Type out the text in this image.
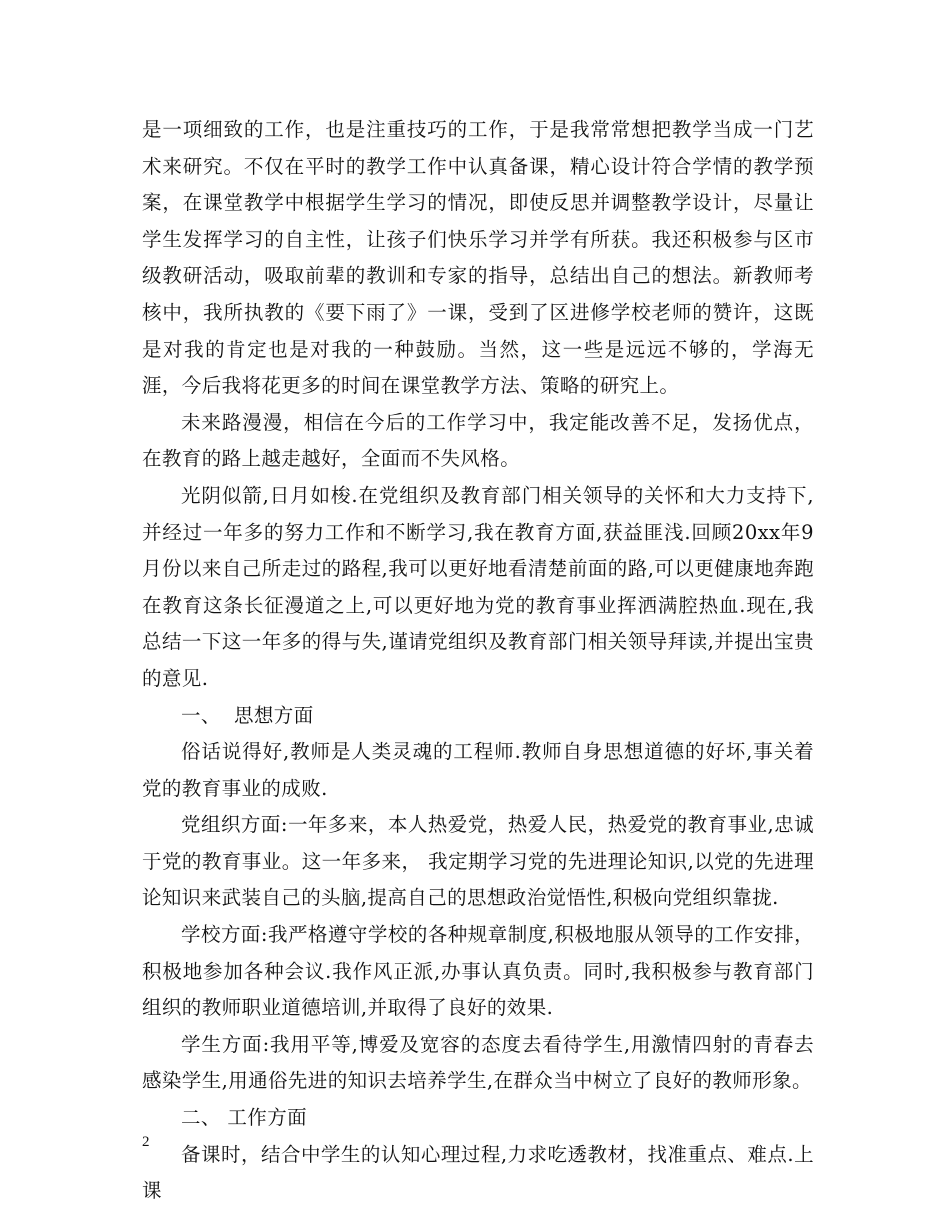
是一项细致的工作，也是注重技巧的工作，于是我常常想把教学当成一门艺术来研究。不仅在平时的教学工作中认真备课，精心设计符合学情的教学预案，在课堂教学中根据学生学习的情况，即使反思并调整教学设计，尽量让学生发挥学习的自主性，让孩子们快乐学习并学有所获。我还积极参与区市级教研活动，吸取前辈的教训和专家的指导，总结出自己的想法。新教师考核中，我所执教的《要下雨了》一课，受到了区进修学校老师的赞许，这既是对我的肯定也是对我的一种鼓励。当然，这一些是远远不够的，学海无涯，今后我将花更多的时间在课堂教学方法、策略的研究上。

未来路漫漫，相信在今后的工作学习中，我定能改善不足，发扬优点，在教育的路上越走越好，全面而不失风格。

光阴似箭,日月如梭.在党组织及教育部门相关领导的关怀和大力支持下,并经过一年多的努力工作和不断学习,我在教育方面,获益匪浅.回顾20xx年9月份以来自己所走过的路程,我可以更好地看清楚前面的路,可以更健康地奔跑在教育这条长征漫道之上,可以更好地为党的教育事业挥洒满腔热血.现在,我总结一下这一年多的得与失,谨请党组织及教育部门相关领导拜读,并提出宝贵的意见.

一、  思想方面

俗话说得好,教师是人类灵魂的工程师.教师自身思想道德的好坏,事关着党的教育事业的成败.

党组织方面:一年多来，本人热爱党，热爱人民，热爱党的教育事业,忠诚于党的教育事业。这一年多来， 我定期学习党的先进理论知识,以党的先进理论知识来武装自己的头脑,提高自己的思想政治觉悟性,积极向党组织靠拢.

学校方面:我严格遵守学校的各种规章制度,积极地服从领导的工作安排，积极地参加各种会议.我作风正派,办事认真负责。同时,我积极参与教育部门组织的教师职业道德培训,并取得了良好的效果.

学生方面:我用平等,博爱及宽容的态度去看待学生,用激情四射的青春去感染学生,用通俗先进的知识去培养学生,在群众当中树立了良好的教师形象。

二、 工作方面

备课时，结合中学生的认知心理过程,力求吃透教材，找准重点、难点.上课

2
